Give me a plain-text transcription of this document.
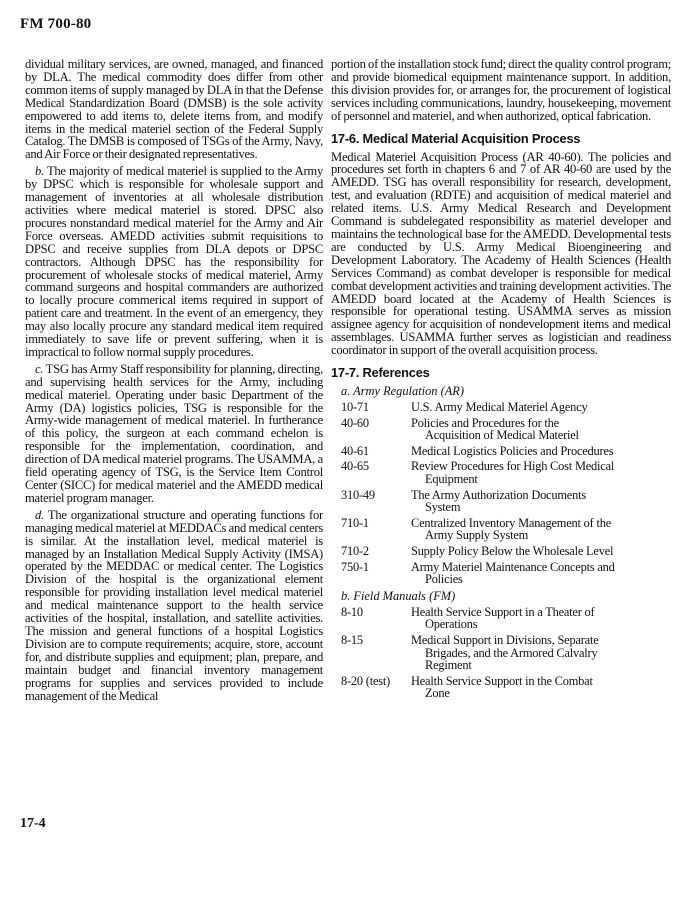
FM 700-80

dividual military services, are owned, managed, and financed by DLA. The medical commodity does differ from other common items of supply managed by DLA in that the Defense Medical Standardization Board (DMSB) is the sole activity empowered to add items to, delete items from, and modify items in the medical materiel section of the Federal Supply Catalog. The DMSB is composed of TSGs of the Army, Navy, and Air Force or their designated representatives.

b. The majority of medical materiel is supplied to the Army by DPSC which is responsible for wholesale support and management of inventories at all wholesale distribution activities where medical materiel is stored. DPSC also procures nonstandard medical materiel for the Army and Air Force overseas. AMEDD activities submit requisitions to DPSC and receive supplies from DLA depots or DPSC contractors. Although DPSC has the responsibility for procurement of wholesale stocks of medical materiel, Army command surgeons and hospital commanders are authorized to locally procure commerical items required in support of patient care and treatment. In the event of an emergency, they may also locally procure any standard medical item required immediately to save life or prevent suffering, when it is impractical to follow normal supply procedures.

c. TSG has Army Staff responsibility for planning, directing, and supervising health services for the Army, including medical materiel. Operating under basic Department of the Army (DA) logistics policies, TSG is responsible for the Army-wide management of medical materiel. In furtherance of this policy, the surgeon at each command echelon is responsible for the implementation, coordination, and direction of DA medical materiel programs. The USAMMA, a field operating agency of TSG, is the Service Item Control Center (SICC) for medical materiel and the AMEDD medical materiel program manager.

d. The organizational structure and operating functions for managing medical materiel at MEDDACs and medical centers is similar. At the installation level, medical materiel is managed by an Installation Medical Supply Activity (IMSA) operated by the MEDDAC or medical center. The Logistics Division of the hospital is the organizational element responsible for providing installation level medical materiel and medical maintenance support to the health service activities of the hospital, installation, and satellite activities. The mission and general functions of a hospital Logistics Division are to compute requirements; acquire, store, account for, and distribute supplies and equipment; plan, prepare, and maintain budget and financial inventory management programs for supplies and services provided to include management of the Medical

portion of the installation stock fund; direct the quality control program; and provide biomedical equipment maintenance support. In addition, this division provides for, or arranges for, the procurement of logistical services including communications, laundry, housekeeping, movement of personnel and materiel, and when authorized, optical fabrication.

17-6. Medical Material Acquisition Process

Medical Materiel Acquisition Process (AR 40-60). The policies and procedures set forth in chapters 6 and 7 of AR 40-60 are used by the AMEDD. TSG has overall responsibility for research, development, test, and evaluation (RDTE) and acquisition of medical materiel and related items. U.S. Army Medical Research and Development Command is subdelegated responsibility as materiel developer and maintains the technological base for the AMEDD. Developmental tests are conducted by U.S. Army Medical Bioengineering and Development Laboratory. The Academy of Health Sciences (Health Services Command) as combat developer is responsible for medical combat development activities and training development activities. The AMEDD board located at the Academy of Health Sciences is responsible for operational testing. USAMMA serves as mission assignee agency for acquisition of nondevelopment items and medical assemblages. USAMMA further serves as logistician and readiness coordinator in support of the overall acquisition process.

17-7. References
a. Army Regulation (AR)
10-71	U.S. Army Medical Materiel Agency
40-60	Policies and Procedures for the Acquisition of Medical Materiel
40-61	Medical Logistics Policies and Procedures
40-65	Review Procedures for High Cost Medical Equipment
310-49	The Army Authorization Documents System
710-1	Centralized Inventory Management of the Army Supply System
710-2	Supply Policy Below the Wholesale Level
750-1	Army Materiel Maintenance Concepts and Policies
b. Field Manuals (FM)
8-10	Health Service Support in a Theater of Operations
8-15	Medical Support in Divisions, Separate Brigades, and the Armored Calvalry Regiment
8-20 (test)	Health Service Support in the Combat Zone
17-4
